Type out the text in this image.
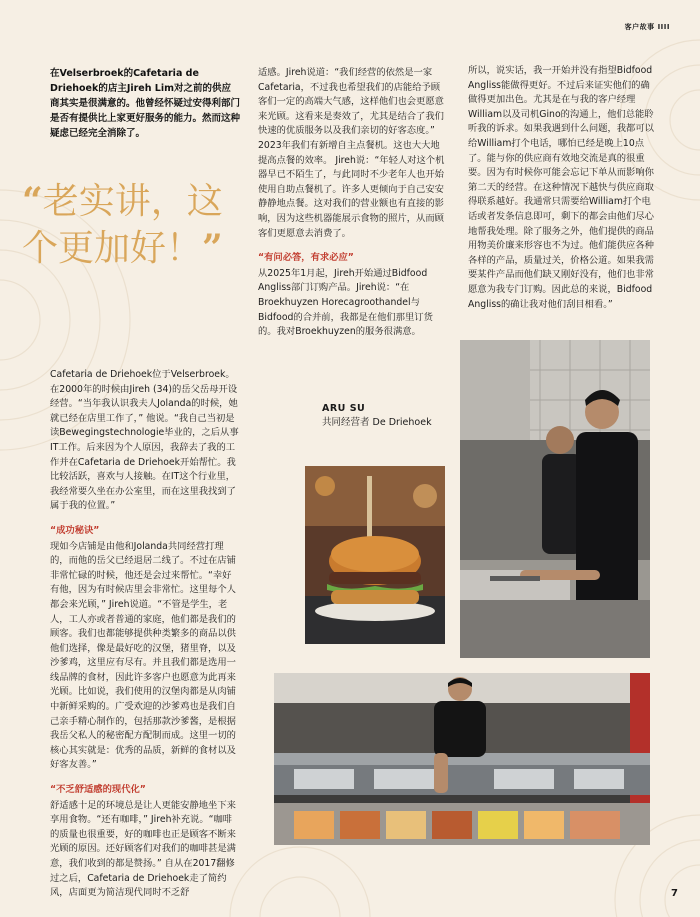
客户故事 IIII
在Velserbroek的Cafetaria de Driehoek的店主Jireh Lim对之前的供应商其实是很满意的。他曾经怀疑过安得利部门是否有提供比上家更好服务的能力。然而这种疑虑已经完全消除了。
“老实讲，这个更加好！”

适感。Jireh说道：“我们经营的依然是一家Cafetaria，不过我也希望我们的店能给予顾客们一定的高端大气感，这样他们也会更愿意来光顾。这看来是奏效了，尤其是结合了我们快速的优质服务以及我们亲切的好客态度。” 2023年我们有新增自主点餐机。这也大大地提高点餐的效率。 Jireh说：“年轻人对这个机器早已不陌生了，与此同时不少老年人也开始使用自助点餐机了。许多人更倾向于自己安安静静地点餐。这对我们的营业额也有直接的影响，因为这些机器能展示食物的照片，从而顾客们更愿意去消费了。

“有问必答，有求必应”

从2025年1月起，Jireh开始通过Bidfood Angliss部门订购产品。Jireh说：“在Broekhuyzen Horecagroothandel与Bidfood的合并前，我都是在他们那里订货的。我对Broekhuyzen的服务很满意。

所以，说实话，我一开始并没有指望Bidfood Angliss能做得更好。不过后来证实他们的确做得更加出色。尤其是在与我的客户经理William以及司机Gino的沟通上，他们总能聆听我的诉求。如果我遇到什么问题，我都可以给William打个电话，哪怕已经是晚上10点了。能与你的供应商有效地交流是真的很重要。因为有时候你可能会忘记下单从而影响你第二天的经营。在这种情况下越快与供应商取得联系越好。我通常只需要给William打个电话或者发条信息即可，剩下的都会由他们尽心地帮我处理。除了服务之外，他们提供的商品用物美价廉来形容也不为过。他们能供应各种各样的产品，质量过关，价格公道。如果我需要某件产品而他们缺又刚好没有，他们也非常愿意为我专门订购。因此总的来说，Bidfood Angliss的确让我对他们刮目相看。”

ARU SU
共同经营者 De Driehoek

Cafetaria de Driehoek位于Velserbroek。在2000年的时候由Jireh (34)的岳父岳母开设经营。“当年我认识我夫人Jolanda的时候，她就已经在店里工作了，” 他说。“我自己当初是读Bewegingstechnologie毕业的，之后从事IT工作。后来因为个人原因，我辞去了我的工作并在Cafetaria de Driehoek开始帮忙。我比较活跃，喜欢与人接触。在IT这个行业里，我经常要久坐在办公室里，而在这里我找到了属于我的位置。”

“成功秘诀”

现如今店铺是由他和Jolanda共同经营打理的，而他的岳父已经退居二线了。不过在店铺非常忙碌的时候，他还是会过来帮忙。“幸好有他，因为有时候店里会非常忙。这里每个人都会来光顾，” Jireh说道。“不管是学生，老人，工人亦或者普通的家庭，他们都是我们的顾客。我们也都能够提供种类繁多的商品以供他们选择，像是最好吃的汉堡，猪里脊，以及沙爹鸡，这里应有尽有。并且我们都是选用一线品牌的食材，因此许多客户也愿意为此再来光顾。比如说，我们使用的汉堡肉都是从肉铺中新鲜采购的。广受欢迎的沙爹鸡也是我们自己亲手精心制作的，包括那款沙爹酱，是根据我岳父私人的秘密配方配制而成。这里一切的核心其实就是：优秀的品质，新鲜的食材以及好客友善。”

“不乏舒适感的现代化”

舒适感十足的环境总是让人更能安静地坐下来享用食物。“还有咖啡，” Jireh补充说。“咖啡的质量也很重要，好的咖啡也正是顾客不断来光顾的原因。还好顾客们对我们的咖啡甚是满意，我们收到的都是赞扬。” 自从在2017翻修过之后，Cafetaria de Driehoek走了简约风，店面更为简洁现代同时不乏舒	7
